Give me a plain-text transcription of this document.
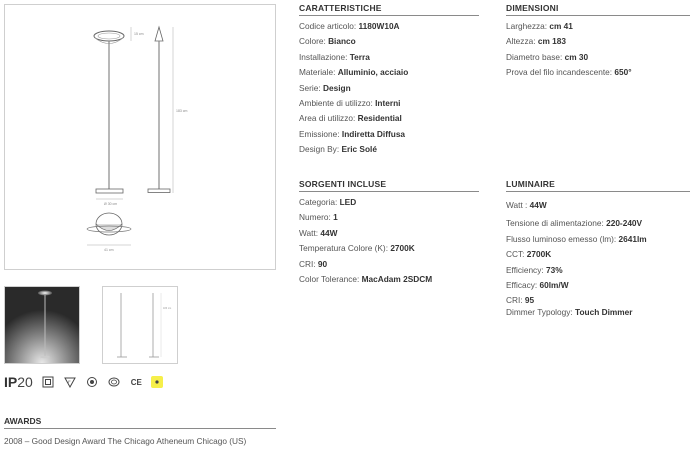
Ø 30 cm
15 cm
183 cm
41 cm
183 cm
IP20	F	CE
AWARDS
2008 – Good Design Award The Chicago Atheneum Chicago (US)
CARATTERISTICHE
Codice articolo: 1180W10A
Colore: Bianco
Installazione: Terra
Materiale: Alluminio, acciaio
Serie: Design
Ambiente di utilizzo: Interni
Area di utilizzo: Residential
Emissione: Indiretta Diffusa
Design By: Eric Solé
DIMENSIONI
Larghezza: cm 41
Altezza: cm 183
Diametro base: cm 30
Prova del filo incandescente: 650°
SORGENTI INCLUSE
Categoria: LED
Numero: 1
Watt: 44W
Temperatura Colore (K): 2700K
CRI: 90
Color Tolerance: MacAdam 2SDCM
LUMINAIRE
Watt : 44W
Tensione di alimentazione: 220-240V
Flusso luminoso emesso (lm): 2641lm
CCT: 2700K
Efficiency: 73%
Efficacy: 60lm/W
CRI: 95
Dimmer Typology: Touch Dimmer
